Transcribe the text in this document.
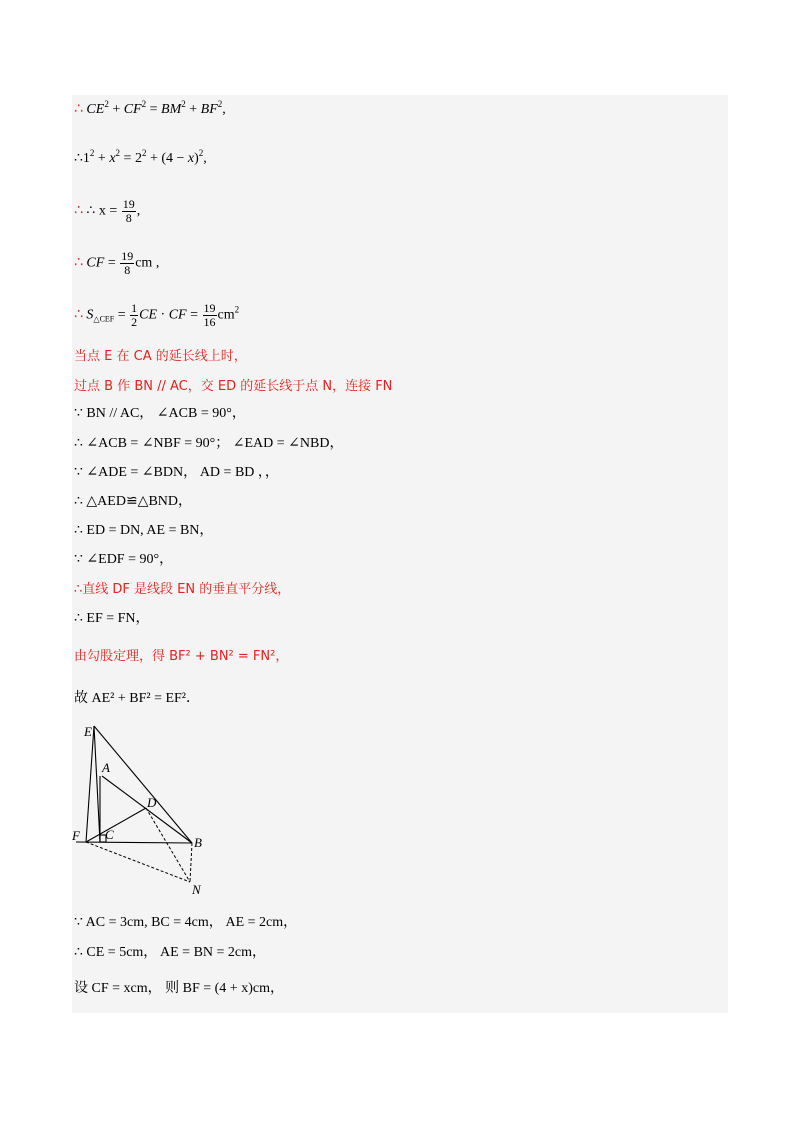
∴ $CE^2 + CF^2 = BM^2 + BF^2$,
$\therefore 1^2 + x^2 = 2^2 + (4 - x)^2$,
∴ ∴ $x = \frac{19}{8}$ ,
∴ CF = $\frac{19}{8}$ cm ,
∴ $S_{\triangle CEF} = \frac{1}{2}$ CE · CF = $\frac{19}{16} cm^2$
当点 E 在 CA 的延长线上时，
过点 B 作 BN // AC，交 ED 的延长线于点 N，连接 FN
∵ BN // AC， ∠ACB = 90°，
∴ ∠ACB = ∠NBF = 90°； ∠EAD = ∠NBD，
∵ ∠ADE = ∠BDN， AD = BD ，，
∴ △AED≌△BND，
∴ ED = DN, AE = BN，
∵ ∠EDF = 90°，
∴直线 DF 是线段 EN 的垂直平分线，
∴ EF = FN，
由勾股定理，得 BF² + BN² = FN²，
故 AE² + BF² = EF²．
E
A
D
F C
B
N
∵ AC = 3cm, BC = 4cm， AE = 2cm，
∴ CE = 5cm， AE = BN = 2cm，
设 CF = xcm， 则 BF = (4 + x)cm，
